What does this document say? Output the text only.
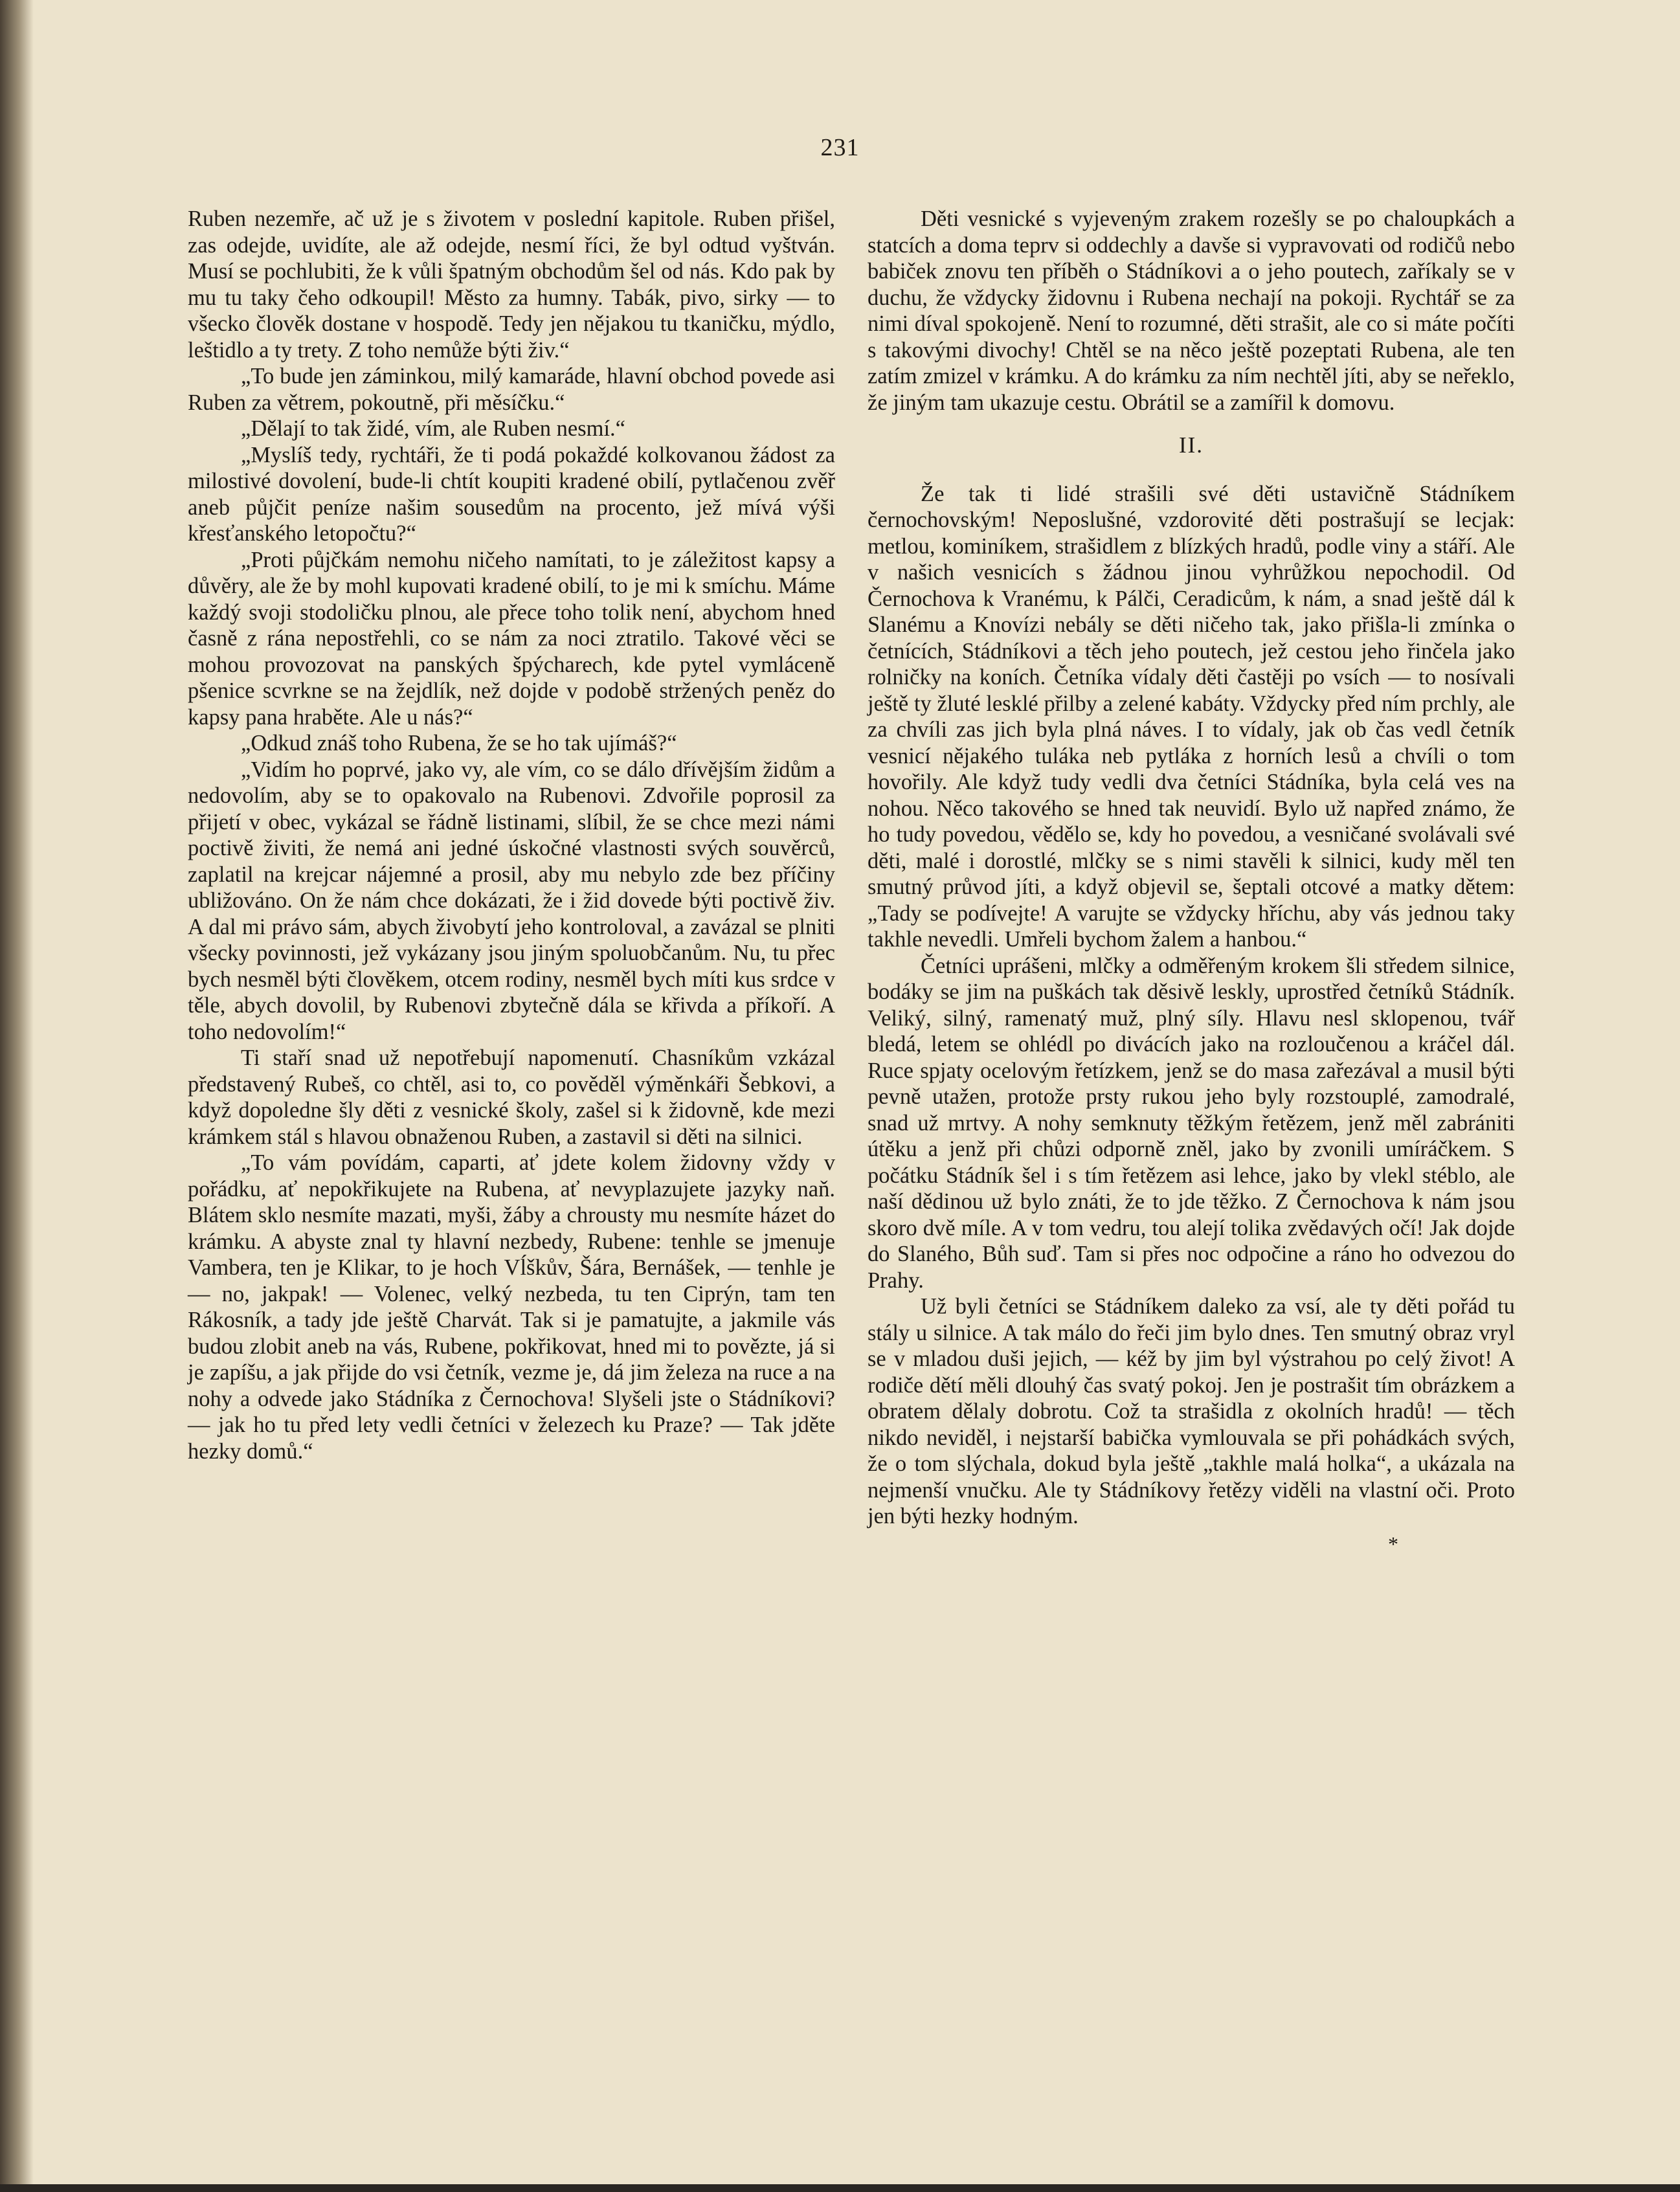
231

Ruben nezemře, ač už je s životem v poslední kapitole. Ruben přišel, zas odejde, uvidíte, ale až odejde, nesmí říci, že byl odtud vyštván. Musí se pochlubiti, že k vůli špatným obchodům šel od nás. Kdo pak by mu tu taky čeho odkoupil! Město za humny. Tabák, pivo, sirky — to všecko člověk dostane v hospodě. Tedy jen nějakou tu tkaničku, mýdlo, leštidlo a ty trety. Z toho nemůže býti živ.“

„To bude jen záminkou, milý kamaráde, hlavní obchod povede asi Ruben za větrem, pokoutně, při měsíčku.“

„Dělají to tak židé, vím, ale Ruben nesmí.“

„Myslíš tedy, rychtáři, že ti podá pokaždé kolkovanou žádost za milostivé dovolení, bude-li chtít koupiti kradené obilí, pytlačenou zvěř aneb půjčit peníze našim sousedům na procento, jež mívá výši křesťanského letopočtu?“

„Proti půjčkám nemohu ničeho namítati, to je záležitost kapsy a důvěry, ale že by mohl kupovati kradené obilí, to je mi k smíchu. Máme každý svoji stodoličku plnou, ale přece toho tolik není, abychom hned časně z rána nepostřehli, co se nám za noci ztratilo. Takové věci se mohou provozovat na panských špýcharech, kde pytel vymláceně pšenice scvrkne se na žejdlík, než dojde v podobě stržených peněz do kapsy pana hraběte. Ale u nás?“

„Odkud znáš toho Rubena, že se ho tak ujímáš?“

„Vidím ho poprvé, jako vy, ale vím, co se dálo dřívějším židům a nedovolím, aby se to opakovalo na Rubenovi. Zdvořile poprosil za přijetí v obec, vykázal se řádně listinami, slíbil, že se chce mezi námi poctivě živiti, že nemá ani jedné úskočné vlastnosti svých souvěrců, zaplatil na krejcar nájemné a prosil, aby mu nebylo zde bez příčiny ubližováno. On že nám chce dokázati, že i žid dovede býti poctivě živ. A dal mi právo sám, abych živobytí jeho kontroloval, a zavázal se plniti všecky povinnosti, jež vykázany jsou jiným spoluobčanům. Nu, tu přec bych nesměl býti člověkem, otcem rodiny, nesměl bych míti kus srdce v těle, abych dovolil, by Rubenovi zbytečně dála se křivda a příkoří. A toho nedovolím!“

Ti staří snad už nepotřebují napomenutí. Chasníkům vzkázal představený Rubeš, co chtěl, asi to, co pověděl výměnkáři Šebkovi, a když dopoledne šly děti z vesnické školy, zašel si k židovně, kde mezi krámkem stál s hlavou obnaženou Ruben, a zastavil si děti na silnici.

„To vám povídám, caparti, ať jdete kolem židovny vždy v pořádku, ať nepokřikujete na Rubena, ať nevyplazujete jazyky naň. Blátem sklo nesmíte mazati, myši, žáby a chrousty mu nesmíte házet do krámku. A abyste znal ty hlavní nezbedy, Rubene: tenhle se jmenuje Vambera, ten je Klikar, to je hoch Vĺškův, Šára, Bernášek, — tenhle je — no, jakpak! — Volenec, velký nezbeda, tu ten Ciprýn, tam ten Rákosník, a tady jde ještě Charvát. Tak si je pamatujte, a jakmile vás budou zlobit aneb na vás, Rubene, pokřikovat, hned mi to povězte, já si je zapíšu, a jak přijde do vsi četník, vezme je, dá jim železa na ruce a na nohy a odvede jako Stádníka z Černochova! Slyšeli jste o Stádníkovi? — jak ho tu před lety vedli četníci v železech ku Praze? — Tak jděte hezky domů.“

Děti vesnické s vyjeveným zrakem rozešly se po chaloupkách a statcích a doma teprv si oddechly a davše si vypravovati od rodičů nebo babiček znovu ten příběh o Stádníkovi a o jeho poutech, zaříkaly se v duchu, že vždycky židovnu i Rubena nechají na pokoji. Rychtář se za nimi díval spokojeně. Není to rozumné, děti strašit, ale co si máte počíti s takovými divochy! Chtěl se na něco ještě pozeptati Rubena, ale ten zatím zmizel v krámku. A do krámku za ním nechtěl jíti, aby se neřeklo, že jiným tam ukazuje cestu. Obrátil se a zamířil k domovu.

II.

Že tak ti lidé strašili své děti ustavičně Stádníkem černochovským! Neposlušné, vzdorovité děti postrašují se lecjak: metlou, kominíkem, strašidlem z blízkých hradů, podle viny a stáří. Ale v našich vesnicích s žádnou jinou vyhrůžkou nepochodil. Od Černochova k Vranému, k Pálči, Ceradicům, k nám, a snad ještě dál k Slanému a Knovízi nebály se děti ničeho tak, jako přišla-li zmínka o četnících, Stádníkovi a těch jeho poutech, jež cestou jeho řinčela jako rolničky na koních. Četníka vídaly děti častěji po vsích — to nosívali ještě ty žluté lesklé přilby a zelené kabáty. Vždycky před ním prchly, ale za chvíli zas jich byla plná náves. I to vídaly, jak ob čas vedl četník vesnicí nějakého tuláka neb pytláka z horních lesů a chvíli o tom hovořily. Ale když tudy vedli dva četníci Stádníka, byla celá ves na nohou. Něco takového se hned tak neuvidí. Bylo už napřed známo, že ho tudy povedou, vědělo se, kdy ho povedou, a vesničané svolávali své děti, malé i dorostlé, mlčky se s nimi stavěli k silnici, kudy měl ten smutný průvod jíti, a když objevil se, šeptali otcové a matky dětem: „Tady se podívejte! A varujte se vždycky hříchu, aby vás jednou taky takhle nevedli. Umřeli bychom žalem a hanbou.“

Četníci uprášeni, mlčky a odměřeným krokem šli středem silnice, bodáky se jim na puškách tak děsivě leskly, uprostřed četníků Stádník. Veliký, silný, ramenatý muž, plný síly. Hlavu nesl sklopenou, tvář bledá, letem se ohlédl po divácích jako na rozloučenou a kráčel dál. Ruce spjaty ocelovým řetízkem, jenž se do masa zařezával a musil býti pevně utažen, protože prsty rukou jeho byly rozstouplé, zamodralé, snad už mrtvy. A nohy semknuty těžkým řetězem, jenž měl zabrániti útěku a jenž při chůzi odporně zněl, jako by zvonili umíráčkem. S počátku Stádník šel i s tím řetězem asi lehce, jako by vlekl stéblo, ale naší dědinou už bylo znáti, že to jde těžko. Z Černochova k nám jsou skoro dvě míle. A v tom vedru, tou alejí tolika zvědavých očí! Jak dojde do Slaného, Bůh suď. Tam si přes noc odpočine a ráno ho odvezou do Prahy.

Už byli četníci se Stádníkem daleko za vsí, ale ty děti pořád tu stály u silnice. A tak málo do řeči jim bylo dnes. Ten smutný obraz vryl se v mladou duši jejich, — kéž by jim byl výstrahou po celý život! A rodiče dětí měli dlouhý čas svatý pokoj. Jen je postrašit tím obrázkem a obratem dělaly dobrotu. Což ta strašidla z okolních hradů! — těch nikdo neviděl, i nejstarší babička vymlouvala se při pohádkách svých, že o tom slýchala, dokud byla ještě „takhle malá holka“, a ukázala na nejmenší vnučku. Ale ty Stádníkovy řetězy viděli na vlastní oči. Proto jen býti hezky hodným.

*
